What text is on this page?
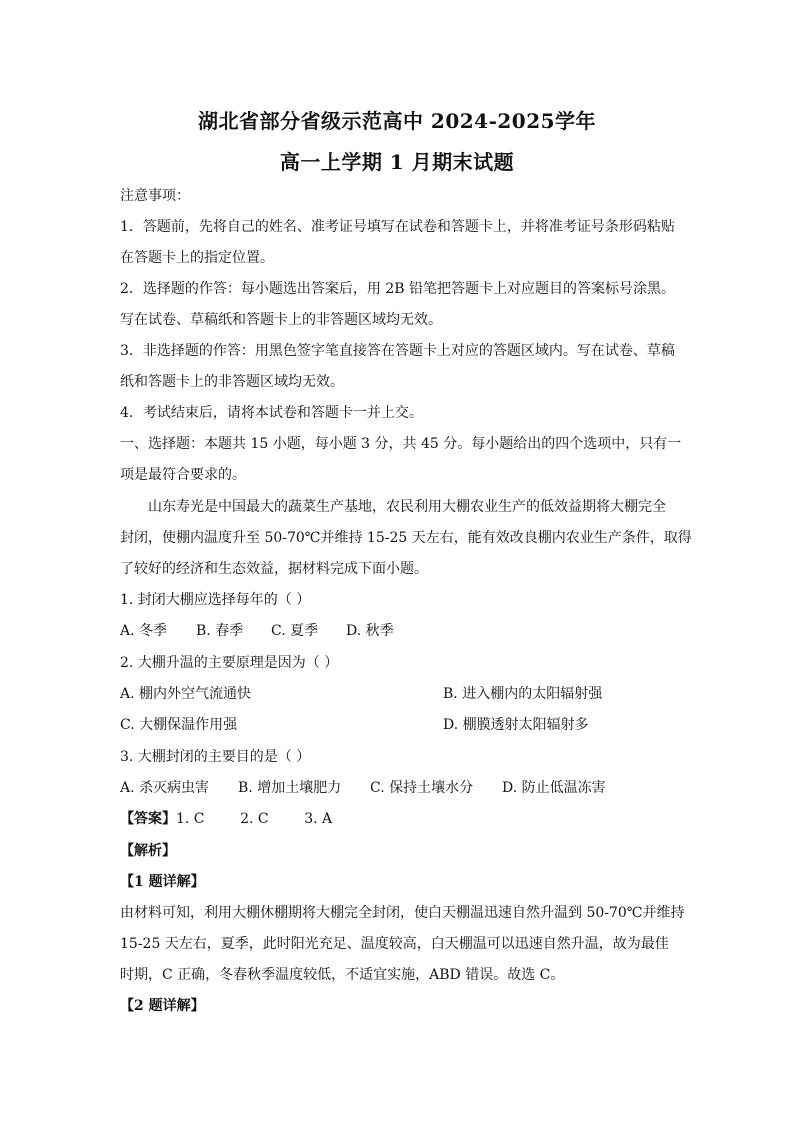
湖北省部分省级示范高中 2024-2025学年
高一上学期 1 月期末试题
注意事项：
1．答题前，先将自己的姓名、准考证号填写在试卷和答题卡上，并将准考证号条形码粘贴
在答题卡上的指定位置。
2．选择题的作答：每小题选出答案后，用 2B 铅笔把答题卡上对应题目的答案标号涂黑。
写在试卷、草稿纸和答题卡上的非答题区域均无效。
3．非选择题的作答：用黑色签字笔直接答在答题卡上对应的答题区域内。写在试卷、草稿
纸和答题卡上的非答题区域均无效。
4．考试结束后，请将本试卷和答题卡一并上交。
一、选择题：本题共 15 小题，每小题 3 分，共 45 分。每小题给出的四个选项中，只有一
项是最符合要求的。
山东寿光是中国最大的蔬菜生产基地，农民利用大棚农业生产的低效益期将大棚完全
封闭，使棚内温度升至 50-70℃并维持 15-25 天左右，能有效改良棚内农业生产条件，取得
了较好的经济和生态效益，据材料完成下面小题。
1. 封闭大棚应选择每年的（ ）
A. 冬季 B. 春季 C. 夏季 D. 秋季
2. 大棚升温的主要原理是因为（ ）
A. 棚内外空气流通快	B. 进入棚内的太阳辐射强
C. 大棚保温作用强	D. 棚膜透射太阳辐射多
3. 大棚封闭的主要目的是（ ）
A. 杀灭病虫害 B. 增加土壤肥力 C. 保持土壤水分 D. 防止低温冻害
【答案】1. C        2. C        3. A
【解析】
【1 题详解】
由材料可知，利用大棚休棚期将大棚完全封闭，使白天棚温迅速自然升温到 50-70℃并维持
15-25 天左右，夏季，此时阳光充足、温度较高，白天棚温可以迅速自然升温，故为最佳
时期，C 正确，冬春秋季温度较低，不适宜实施，ABD 错误。故选 C。
【2 题详解】
